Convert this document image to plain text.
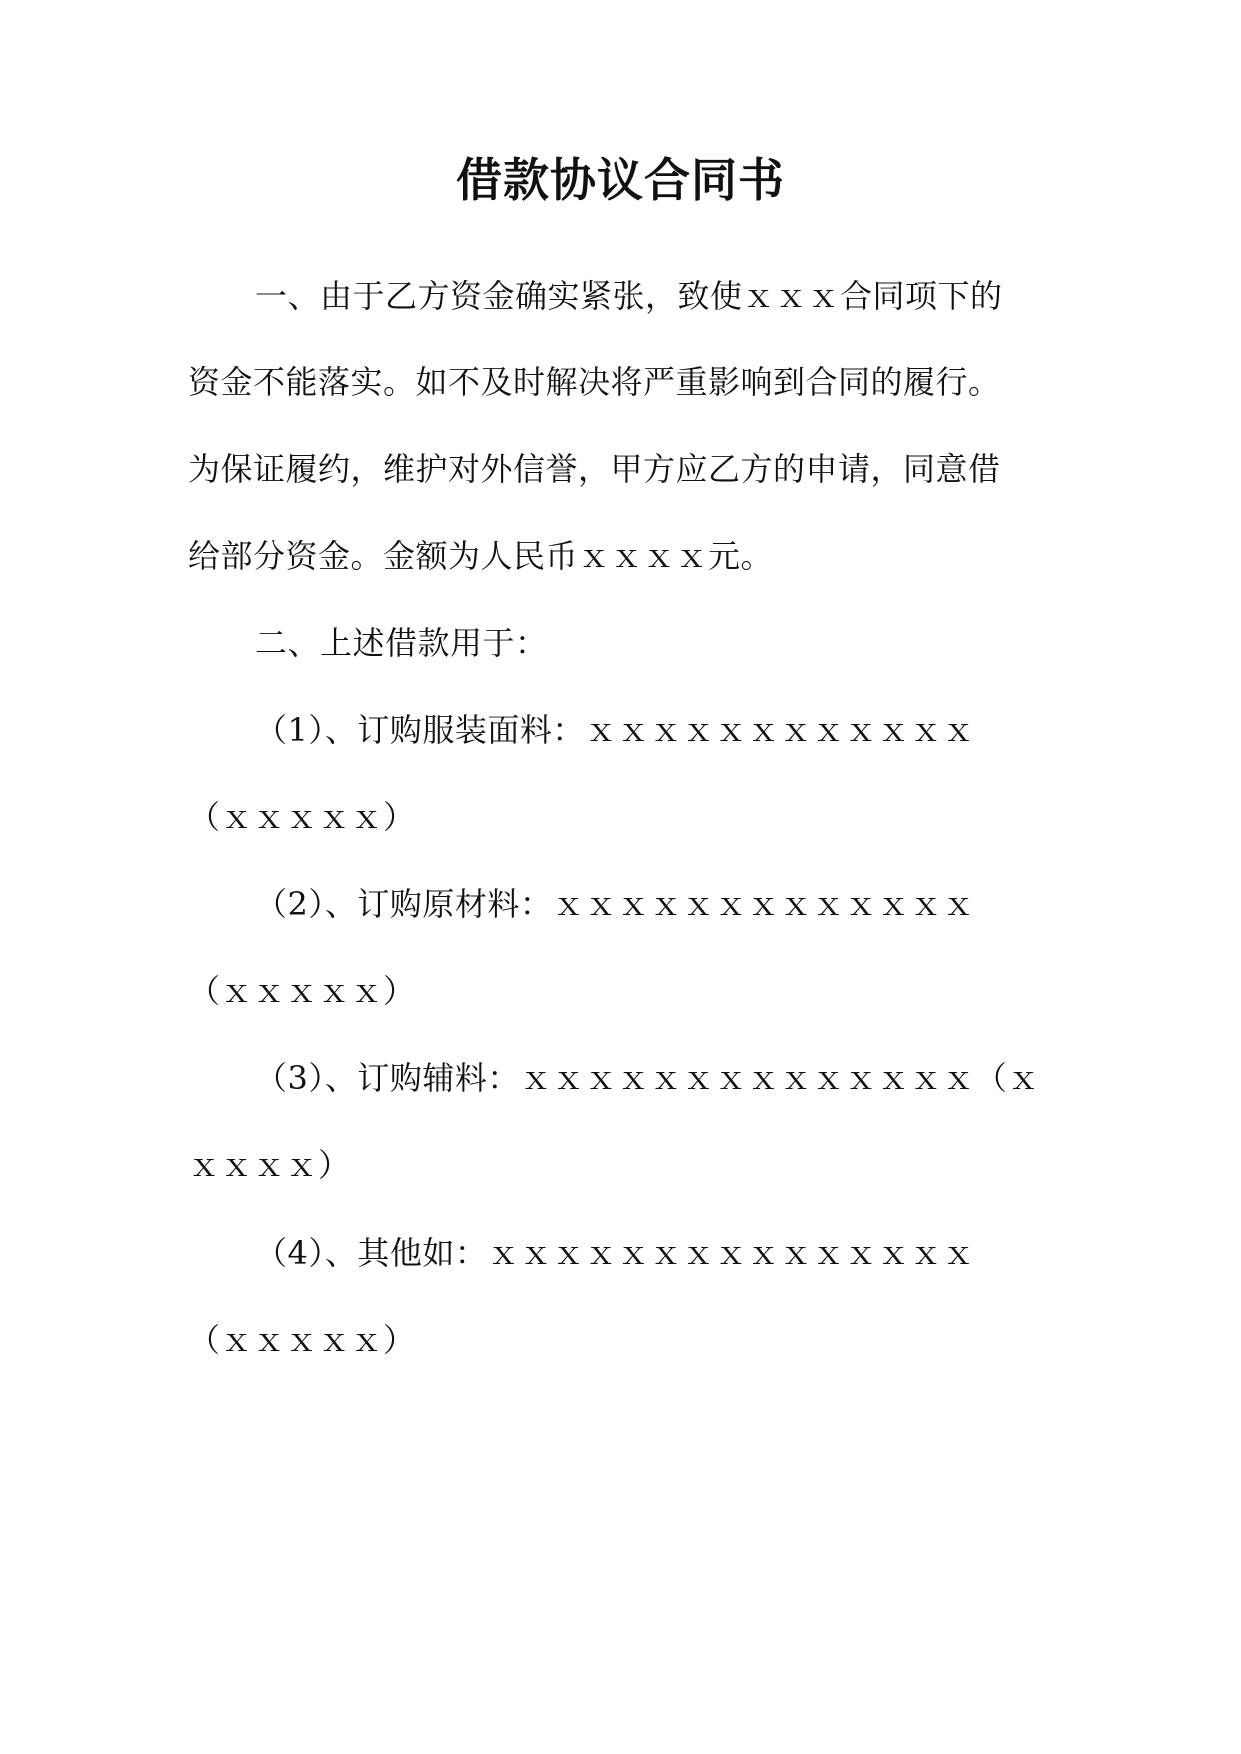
借款协议合同书
一、由于乙方资金确实紧张，致使ｘｘｘ合同项下的
资金不能落实。如不及时解决将严重影响到合同的履行。
为保证履约，维护对外信誉，甲方应乙方的申请，同意借
给部分资金。金额为人民币ｘｘｘｘ元。
二、上述借款用于：
（1）、订购服装面料：ｘｘｘｘｘｘｘｘｘｘｘｘ
（ｘｘｘｘｘ）
（2）、订购原材料：ｘｘｘｘｘｘｘｘｘｘｘｘｘ
（ｘｘｘｘｘ）
（3）、订购辅料：ｘｘｘｘｘｘｘｘｘｘｘｘｘｘ（ｘ
ｘｘｘｘ）
（4）、其他如：ｘｘｘｘｘｘｘｘｘｘｘｘｘｘｘ
（ｘｘｘｘｘ）
